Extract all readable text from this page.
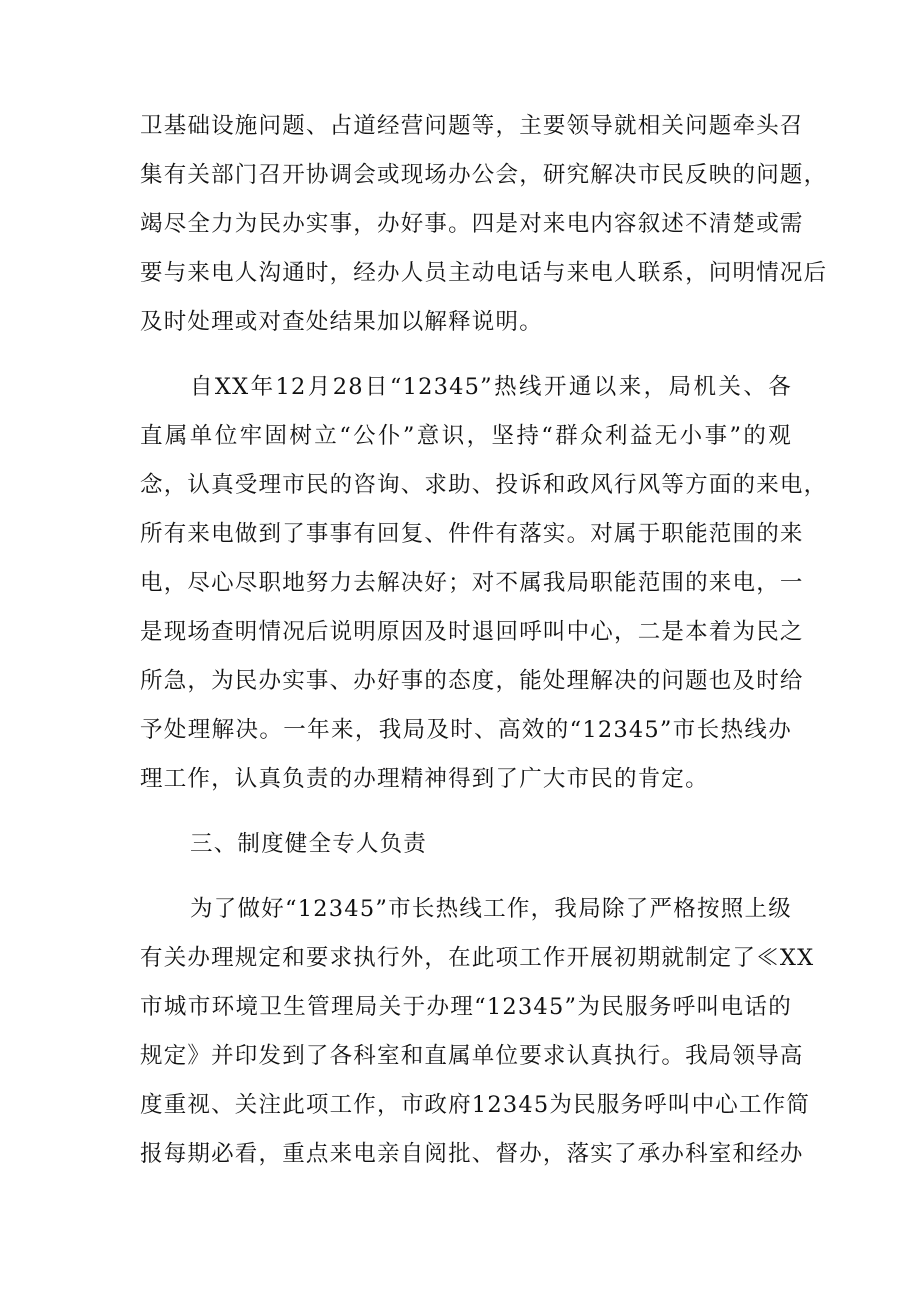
卫基础设施问题、占道经营问题等，主要领导就相关问题牵头召
集有关部门召开协调会或现场办公会，研究解决市民反映的问题，
竭尽全力为民办实事，办好事。四是对来电内容叙述不清楚或需
要与来电人沟通时，经办人员主动电话与来电人联系，问明情况后
及时处理或对查处结果加以解释说明。
自XX年12月28日“12345”热线开通以来，局机关、各
直属单位牢固树立“公仆”意识，坚持“群众利益无小事”的观
念，认真受理市民的咨询、求助、投诉和政风行风等方面的来电，
所有来电做到了事事有回复、件件有落实。对属于职能范围的来
电，尽心尽职地努力去解决好；对不属我局职能范围的来电，一
是现场查明情况后说明原因及时退回呼叫中心，二是本着为民之
所急，为民办实事、办好事的态度，能处理解决的问题也及时给
予处理解决。一年来，我局及时、高效的“12345”市长热线办
理工作，认真负责的办理精神得到了广大市民的肯定。
三、制度健全专人负责
为了做好“12345”市长热线工作，我局除了严格按照上级
有关办理规定和要求执行外，在此项工作开展初期就制定了≪XX
市城市环境卫生管理局关于办理“12345”为民服务呼叫电话的
规定》并印发到了各科室和直属单位要求认真执行。我局领导高
度重视、关注此项工作，市政府12345为民服务呼叫中心工作简
报每期必看，重点来电亲自阅批、督办，落实了承办科室和经办
